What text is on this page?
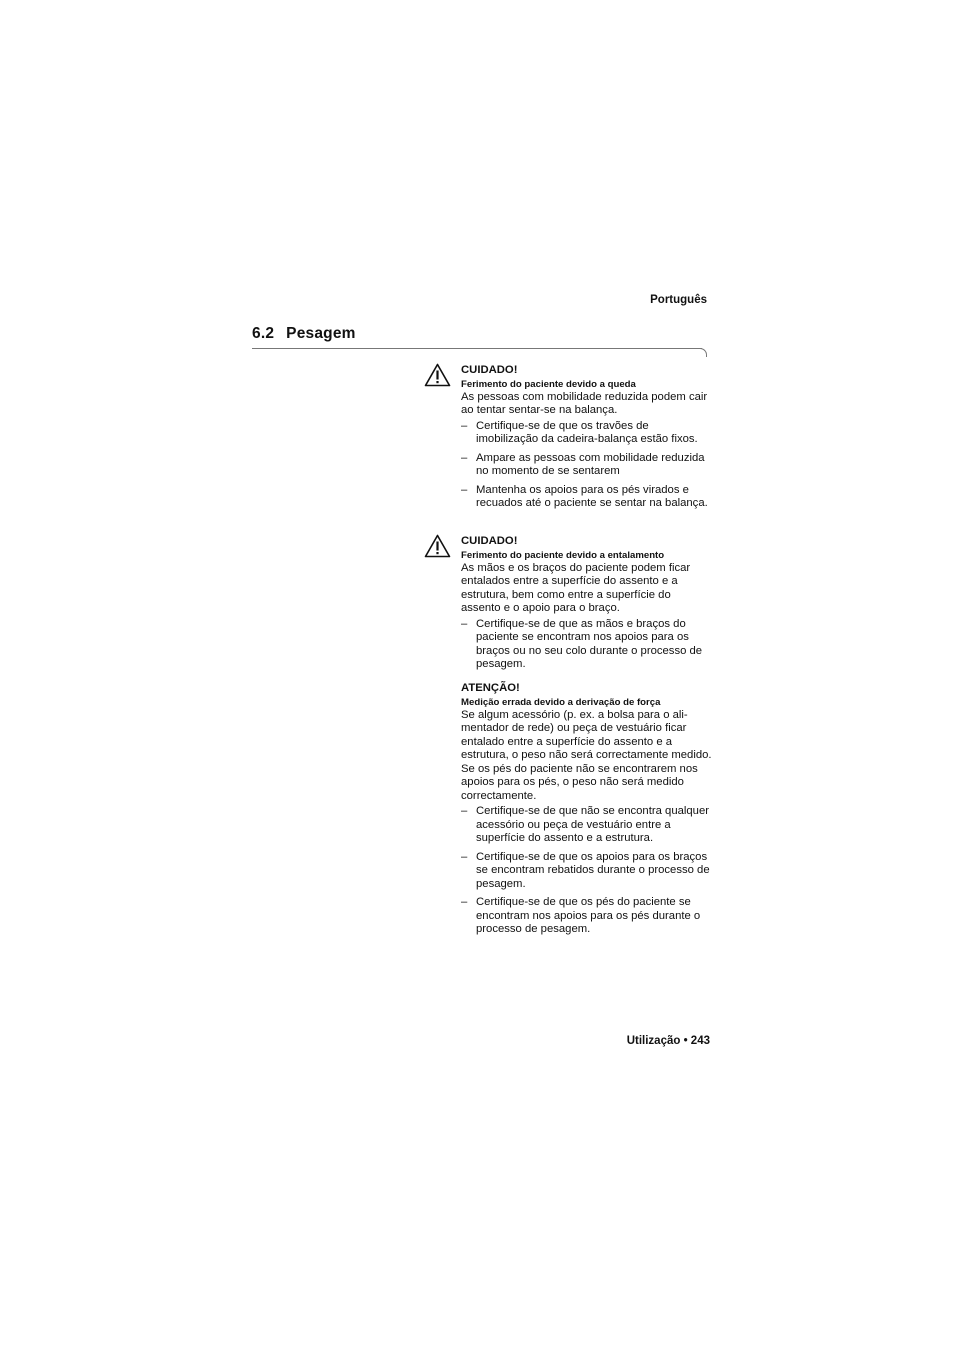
Português
6.2 Pesagem

CUIDADO!

Ferimento do paciente devido a queda

As pessoas com mobilidade reduzida podem cair ao tentar sentar-se na balança.

– Certifique-se de que os travões de imobilização da cadeira-balança estão fixos.
– Ampare as pessoas com mobilidade reduzida no momento de se sentarem
– Mantenha os apoios para os pés virados e recuados até o paciente se sentar na balança.

CUIDADO!

Ferimento do paciente devido a entalamento

As mãos e os braços do paciente podem ficar entalados entre a superfície do assento e a estrutura, bem como entre a superfície do assento e o apoio para o braço.

– Certifique-se de que as mãos e braços do paciente se encontram nos apoios para os braços ou no seu colo durante o processo de pesagem.

ATENÇÃO!

Medição errada devido a derivação de força

Se algum acessório (p. ex. a bolsa para o ali-mentador de rede) ou peça de vestuário ficar entalado entre a superfície do assento e a estrutura, o peso não será correctamente medido.

Se os pés do paciente não se encontrarem nos apoios para os pés, o peso não será medido correctamente.

– Certifique-se de que não se encontra qualquer acessório ou peça de vestuário entre a superfície do assento e a estrutura.
– Certifique-se de que os apoios para os braços se encontram rebatidos durante o processo de pesagem.
– Certifique-se de que os pés do paciente se encontram nos apoios para os pés durante o processo de pesagem.
Utilização • 243
